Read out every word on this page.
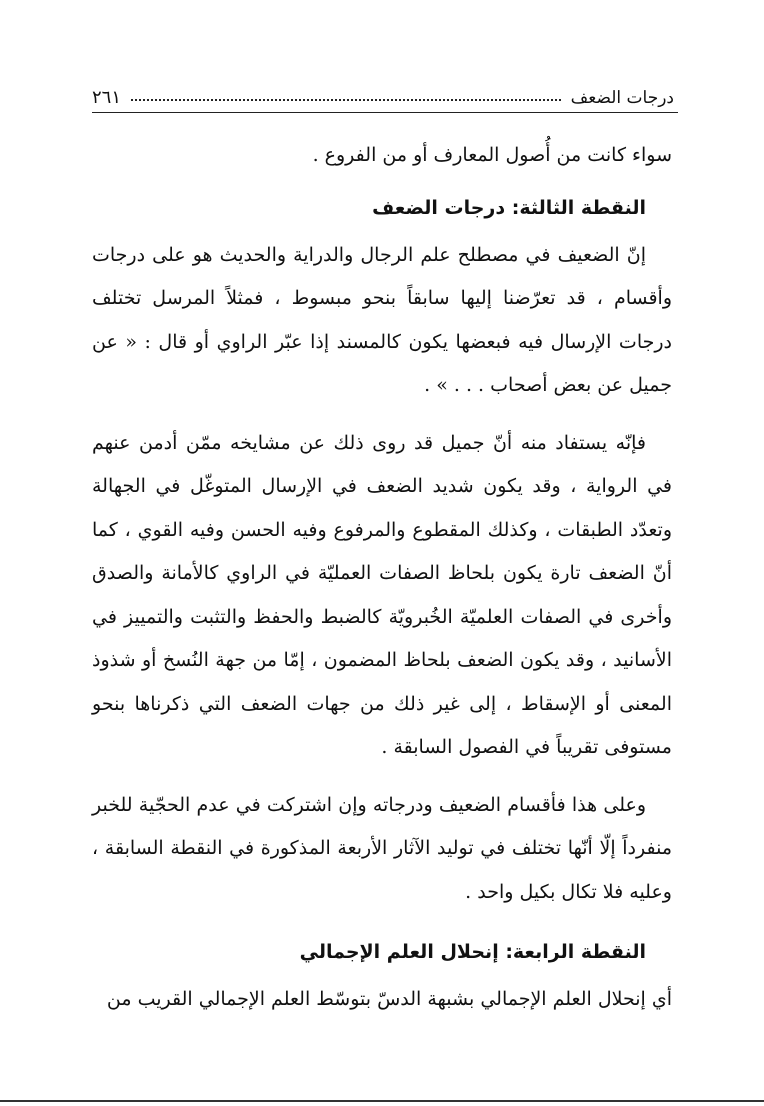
درجات الضعف
٢٦١

سواء كانت من أُصول المعارف أو من الفروع .

النقطة الثالثة: درجات الضعف

إنّ الضعيف في مصطلح علم الرجال والدراية والحديث هو على درجات وأقسام ، قد تعرّضنا إليها سابقاً بنحو مبسوط ، فمثلاً المرسل تختلف درجات الإرسال فيه فبعضها يكون كالمسند إذا عبّر الراوي أو قال : « عن جميل عن بعض أصحاب . . . » .

فإنّه يستفاد منه أنّ جميل قد روى ذلك عن مشايخه ممّن أدمن عنهم في الرواية ، وقد يكون شديد الضعف في الإرسال المتوغّل في الجهالة وتعدّد الطبقات ، وكذلك المقطوع والمرفوع وفيه الحسن وفيه القوي ، كما أنّ الضعف تارة يكون بلحاظ الصفات العمليّة في الراوي كالأمانة والصدق وأخرى في الصفات العلميّة الخُبرويّة كالضبط والحفظ والتثبت والتمييز في الأسانيد ، وقد يكون الضعف بلحاظ المضمون ، إمّا من جهة النُسخ أو شذوذ المعنى أو الإسقاط ، إلى غير ذلك من جهات الضعف التي ذكرناها بنحو مستوفى تقريباً في الفصول السابقة .

وعلى هذا فأقسام الضعيف ودرجاته وإن اشتركت في عدم الحجّية للخبر منفرداً إلّا أنّها تختلف في توليد الآثار الأربعة المذكورة في النقطة السابقة ، وعليه فلا تكال بكيل واحد .

النقطة الرابعة: إنحلال العلم الإجمالي

أي إنحلال العلم الإجمالي بشبهة الدسّ بتوسّط العلم الإجمالي القريب من
